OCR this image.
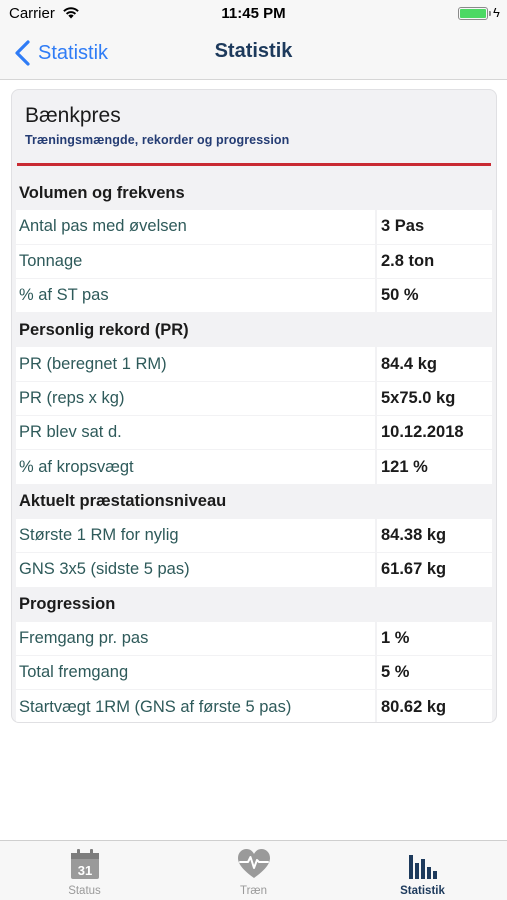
Carrier	11:45 PM	ϟ
Statistik	Statistik
Bænkpres
Træningsmængde, rekorder og progression
Volumen og frekvens
Antal pas med øvelsen	3 Pas
Tonnage	2.8 ton
% af ST pas	50 %
Personlig rekord (PR)
PR (beregnet 1 RM)	84.4 kg
PR (reps x kg)	5x75.0 kg
PR blev sat d.	10.12.2018
% af kropsvægt	121 %
Aktuelt præstationsniveau
Største 1 RM for nylig	84.38 kg
GNS 3x5 (sidste 5 pas)	61.67 kg
Progression
Fremgang pr. pas	1 %
Total fremgang	5 %
Startvægt 1RM (GNS af første 5 pas)	80.62 kg
31
Status	Træn	Statistik
